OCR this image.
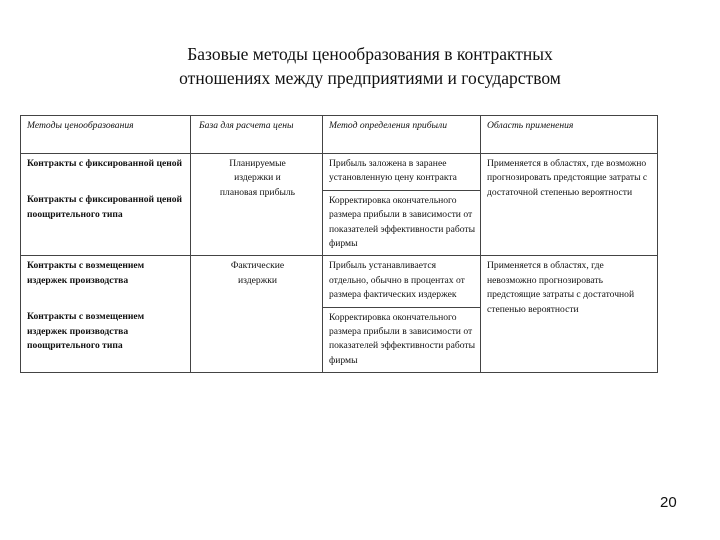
Базовые методы ценообразования в контрактных
отношениях между предприятиями и государством
Методы ценообразования	База для расчета цены	Метод определения прибыли	Область применения

Контракты с фиксированной ценой	Планируемые издержки и плановая прибыль	Прибыль заложена в заранее установленную цену контракта	Применяется в областях, где возможно прогнозировать предстоящие затраты с достаточной степенью вероятности

Контракты с фиксированной ценой поощрительного типа		Корректировка окончательного размера прибыли в зависимости от показателей эффективности работы фирмы	

Контракты с возмещением издержек производства	Фактические издержки	Прибыль устанавливается отдельно, обычно в процентах от размера фактических издержек	Применяется в областях, где невозможно прогнозировать предстоящие затраты с достаточной степенью вероятности

Контракты с возмещением издержек производства поощрительного типа		Корректировка окончательного размера прибыли в зависимости от показателей эффективности работы фирмы	
20
